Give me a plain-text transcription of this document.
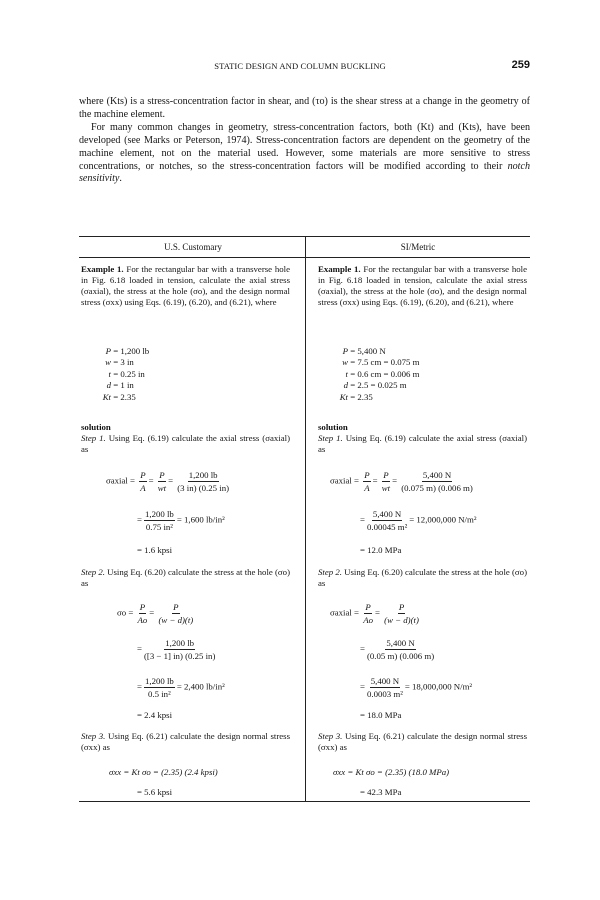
STATIC DESIGN AND COLUMN BUCKLING	259

where (Kts) is a stress-concentration factor in shear, and (τo) is the shear stress at a change in the geometry of the machine element.

For many common changes in geometry, stress-concentration factors, both (Kt) and (Kts), have been developed (see Marks or Peterson, 1974). Stress-concentration factors are dependent on the geometry of the machine element, not on the material used. However, some materials are more sensitive to stress concentrations, or notches, so the stress-concentration factors will be modified according to their notch sensitivity.

U.S. Customary	SI/Metric

Example 1. For the rectangular bar with a transverse hole in Fig. 6.18 loaded in tension, calculate the axial stress (σaxial), the stress at the hole (σo), and the design normal stress (σxx) using Eqs. (6.19), (6.20), and (6.21), where

P = 1,200 lb
w = 3 in
t = 0.25 in
d = 1 in
Kt = 2.35
solution

Step 1. Using Eq. (6.19) calculate the axial stress (σaxial) as

σaxial = $\frac{P}{A} = \frac{P}{wt} = \frac{1,200 lb}{(3 in) (0.25 in)}$
= $\frac{1,200 lb}{\text{0.75 in²}} = 1,600$ lb/in²
= 1.6 kpsi

Step 2. Using Eq. (6.20) calculate the stress at the hole (σo) as

$\sigma o = \frac{P}{Ao} = \frac{P}{(w - d)(t)}$
= $\frac{1,200 lb}{([3 - 1] in) (0.25 in)}$
= $\frac{1,200 lb}{\text{0.5 in²}} = 2,400$ lb/in²
= 2.4 kpsi

Step 3. Using Eq. (6.21) calculate the design normal stress (σxx) as

σxx = Kt σo = (2.35) (2.4 kpsi)
= 5.6 kpsi

Example 1. For the rectangular bar with a transverse hole in Fig. 6.18 loaded in tension, calculate the axial stress (σaxial), the stress at the hole (σo), and the design normal stress (σxx) using Eqs. (6.19), (6.20), and (6.21), where

P = 5,400 N
w = 7.5 cm = 0.075 m
t = 0.6 cm = 0.006 m
d = 2.5 = 0.025 m
Kt = 2.35
solution

Step 1. Using Eq. (6.19) calculate the axial stress (σaxial) as

σaxial = $\frac{P}{A} = \frac{P}{wt} = \frac{5,400 N}{(0.075 m) (0.006 m)}$
= $\frac{5,400 N}{\text{0.00045 m²}} = 12,000,000$ N/m²
= 12.0 MPa

Step 2. Using Eq. (6.20) calculate the stress at the hole (σo) as

σaxial = $\frac{P}{Ao} = \frac{P}{(w - d)(t)}$
= $\frac{5,400 N}{(0.05 m) (0.006 m)}$
= $\frac{5,400 N}{\text{0.0003 m²}} = 18,000,000$ N/m²
= 18.0 MPa

Step 3. Using Eq. (6.21) calculate the design normal stress (σxx) as

σxx = Kt σo = (2.35) (18.0 MPa)
= 42.3 MPa
